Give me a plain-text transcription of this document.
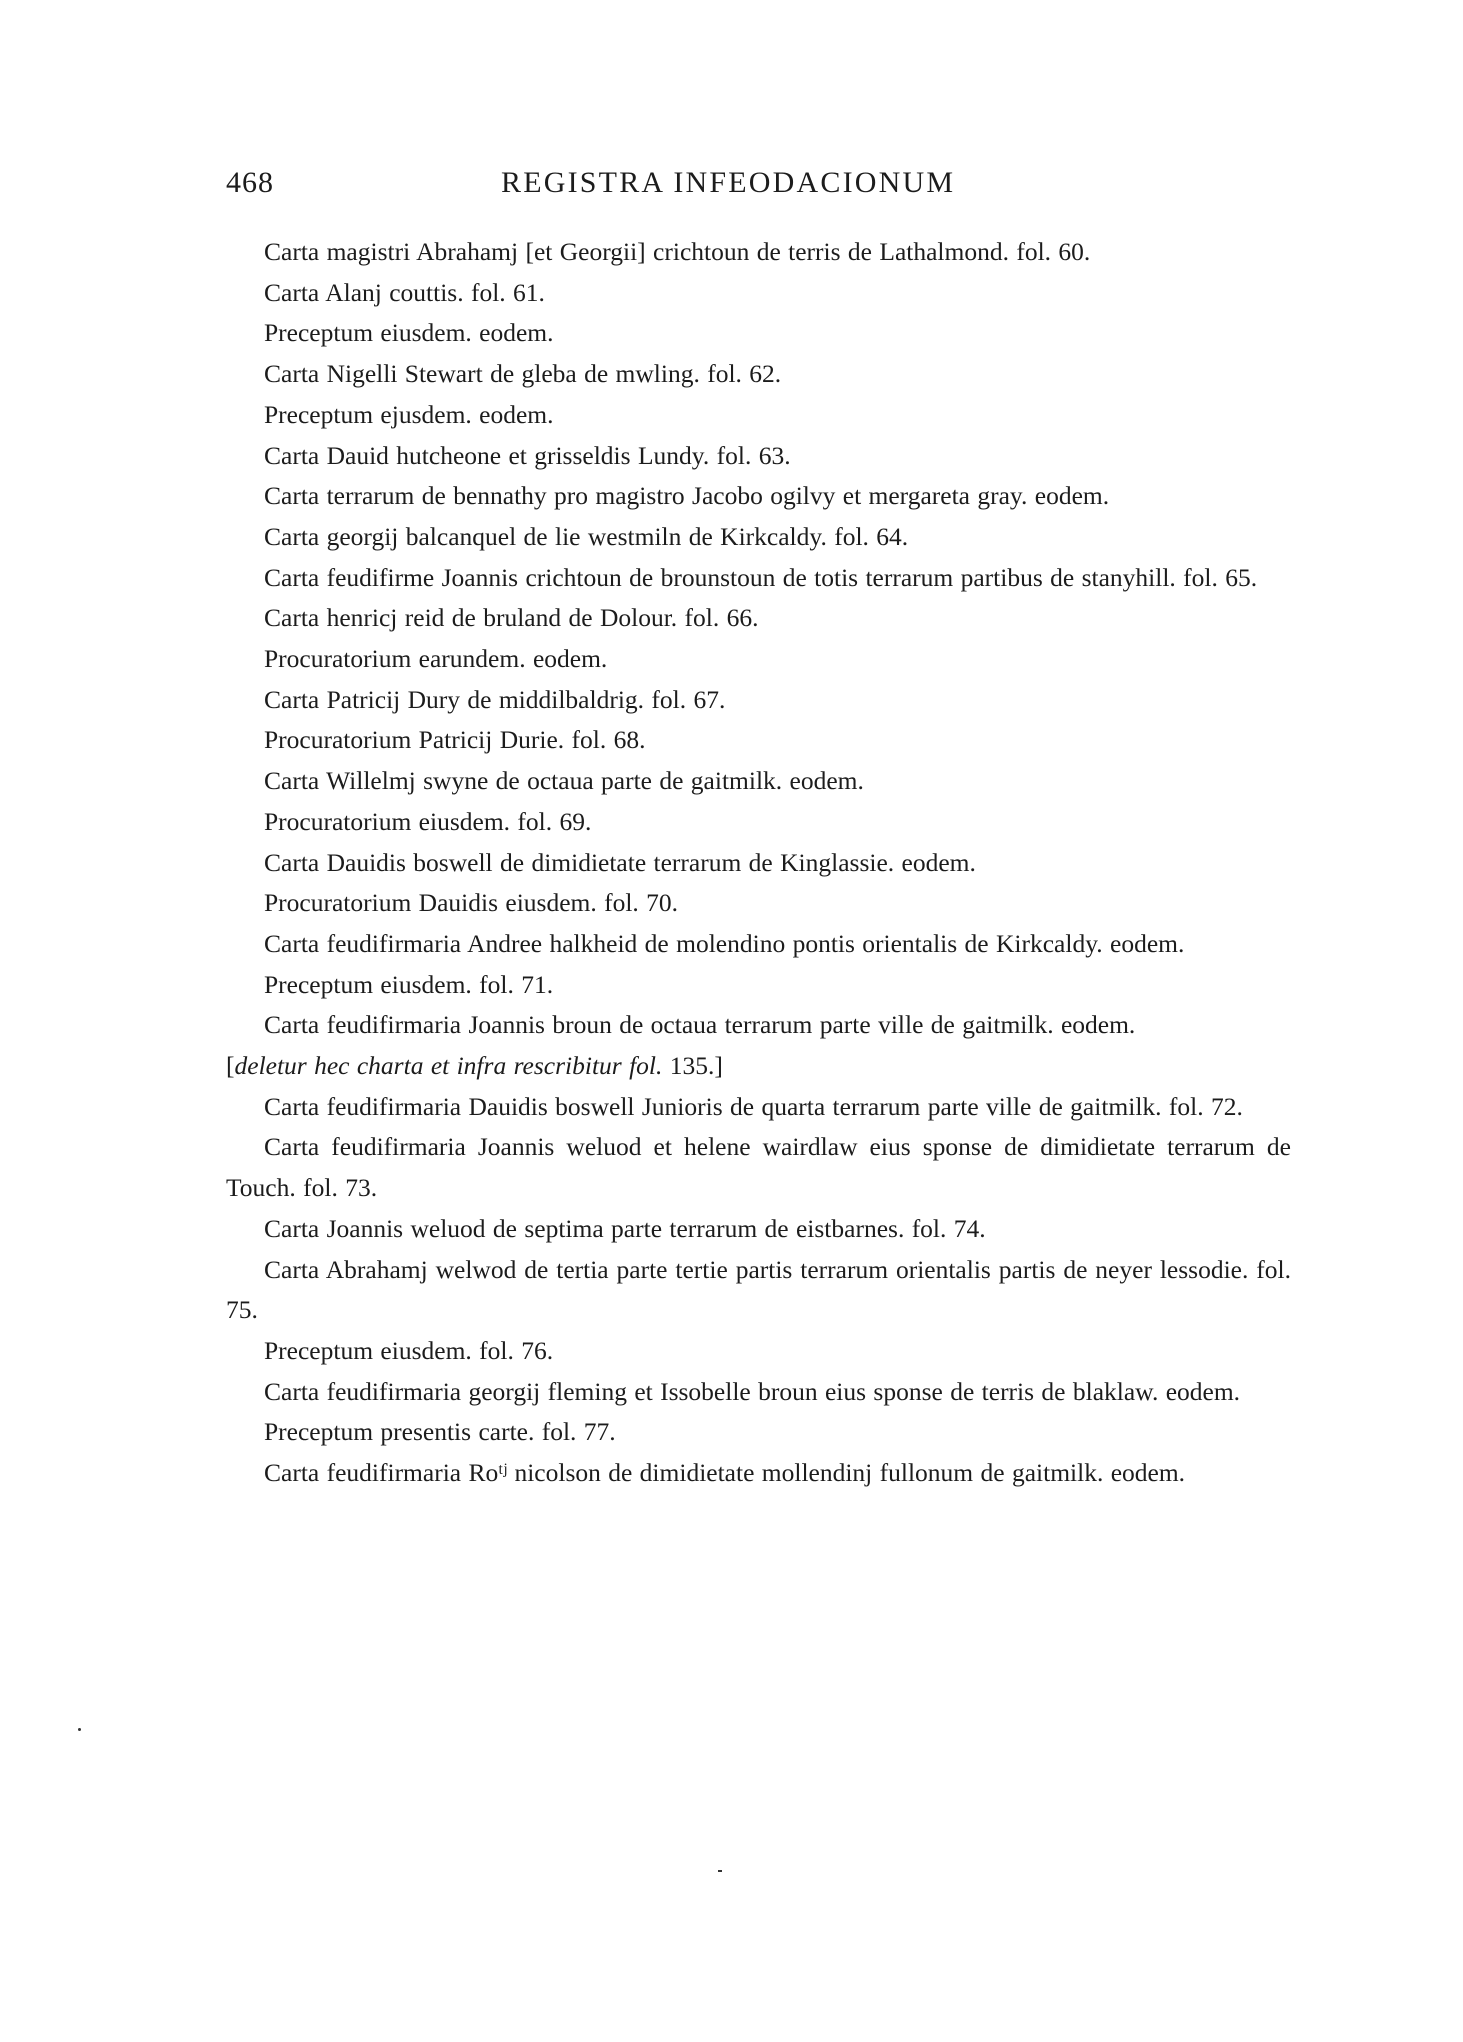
468	REGISTRA INFEODACIONUM

Carta magistri Abrahamj [et Georgii] crichtoun de terris de Lathalmond. fol. 60.

Carta Alanj couttis. fol. 61.

Preceptum eiusdem. eodem.

Carta Nigelli Stewart de gleba de mwling. fol. 62.

Preceptum ejusdem. eodem.

Carta Dauid hutcheone et grisseldis Lundy. fol. 63.

Carta terrarum de bennathy pro magistro Jacobo ogilvy et mergareta gray. eodem.

Carta georgij balcanquel de lie westmiln de Kirkcaldy. fol. 64.

Carta feudifirme Joannis crichtoun de brounstoun de totis terrarum partibus de stanyhill. fol. 65.

Carta henricj reid de bruland de Dolour. fol. 66.

Procuratorium earundem. eodem.

Carta Patricij Dury de middilbaldrig. fol. 67.

Procuratorium Patricij Durie. fol. 68.

Carta Willelmj swyne de octaua parte de gaitmilk. eodem.

Procuratorium eiusdem. fol. 69.

Carta Dauidis boswell de dimidietate terrarum de Kinglassie. eodem.

Procuratorium Dauidis eiusdem. fol. 70.

Carta feudifirmaria Andree halkheid de molendino pontis orientalis de Kirkcaldy. eodem.

Preceptum eiusdem. fol. 71.

Carta feudifirmaria Joannis broun de octaua terrarum parte ville de gaitmilk. eodem.

[deletur hec charta et infra rescribitur fol. 135.]

Carta feudifirmaria Dauidis boswell Junioris de quarta terrarum parte ville de gaitmilk. fol. 72.

Carta feudifirmaria Joannis weluod et helene wairdlaw eius sponse de dimidietate terrarum de Touch. fol. 73.

Carta Joannis weluod de septima parte terrarum de eistbarnes. fol. 74.

Carta Abrahamj welwod de tertia parte tertie partis terrarum orientalis partis de neyer lessodie. fol. 75.

Preceptum eiusdem. fol. 76.

Carta feudifirmaria georgij fleming et Issobelle broun eius sponse de terris de blaklaw. eodem.

Preceptum presentis carte. fol. 77.

Carta feudifirmaria Roᵗʲ nicolson de dimidietate mollendinj fullonum de gaitmilk. eodem.
